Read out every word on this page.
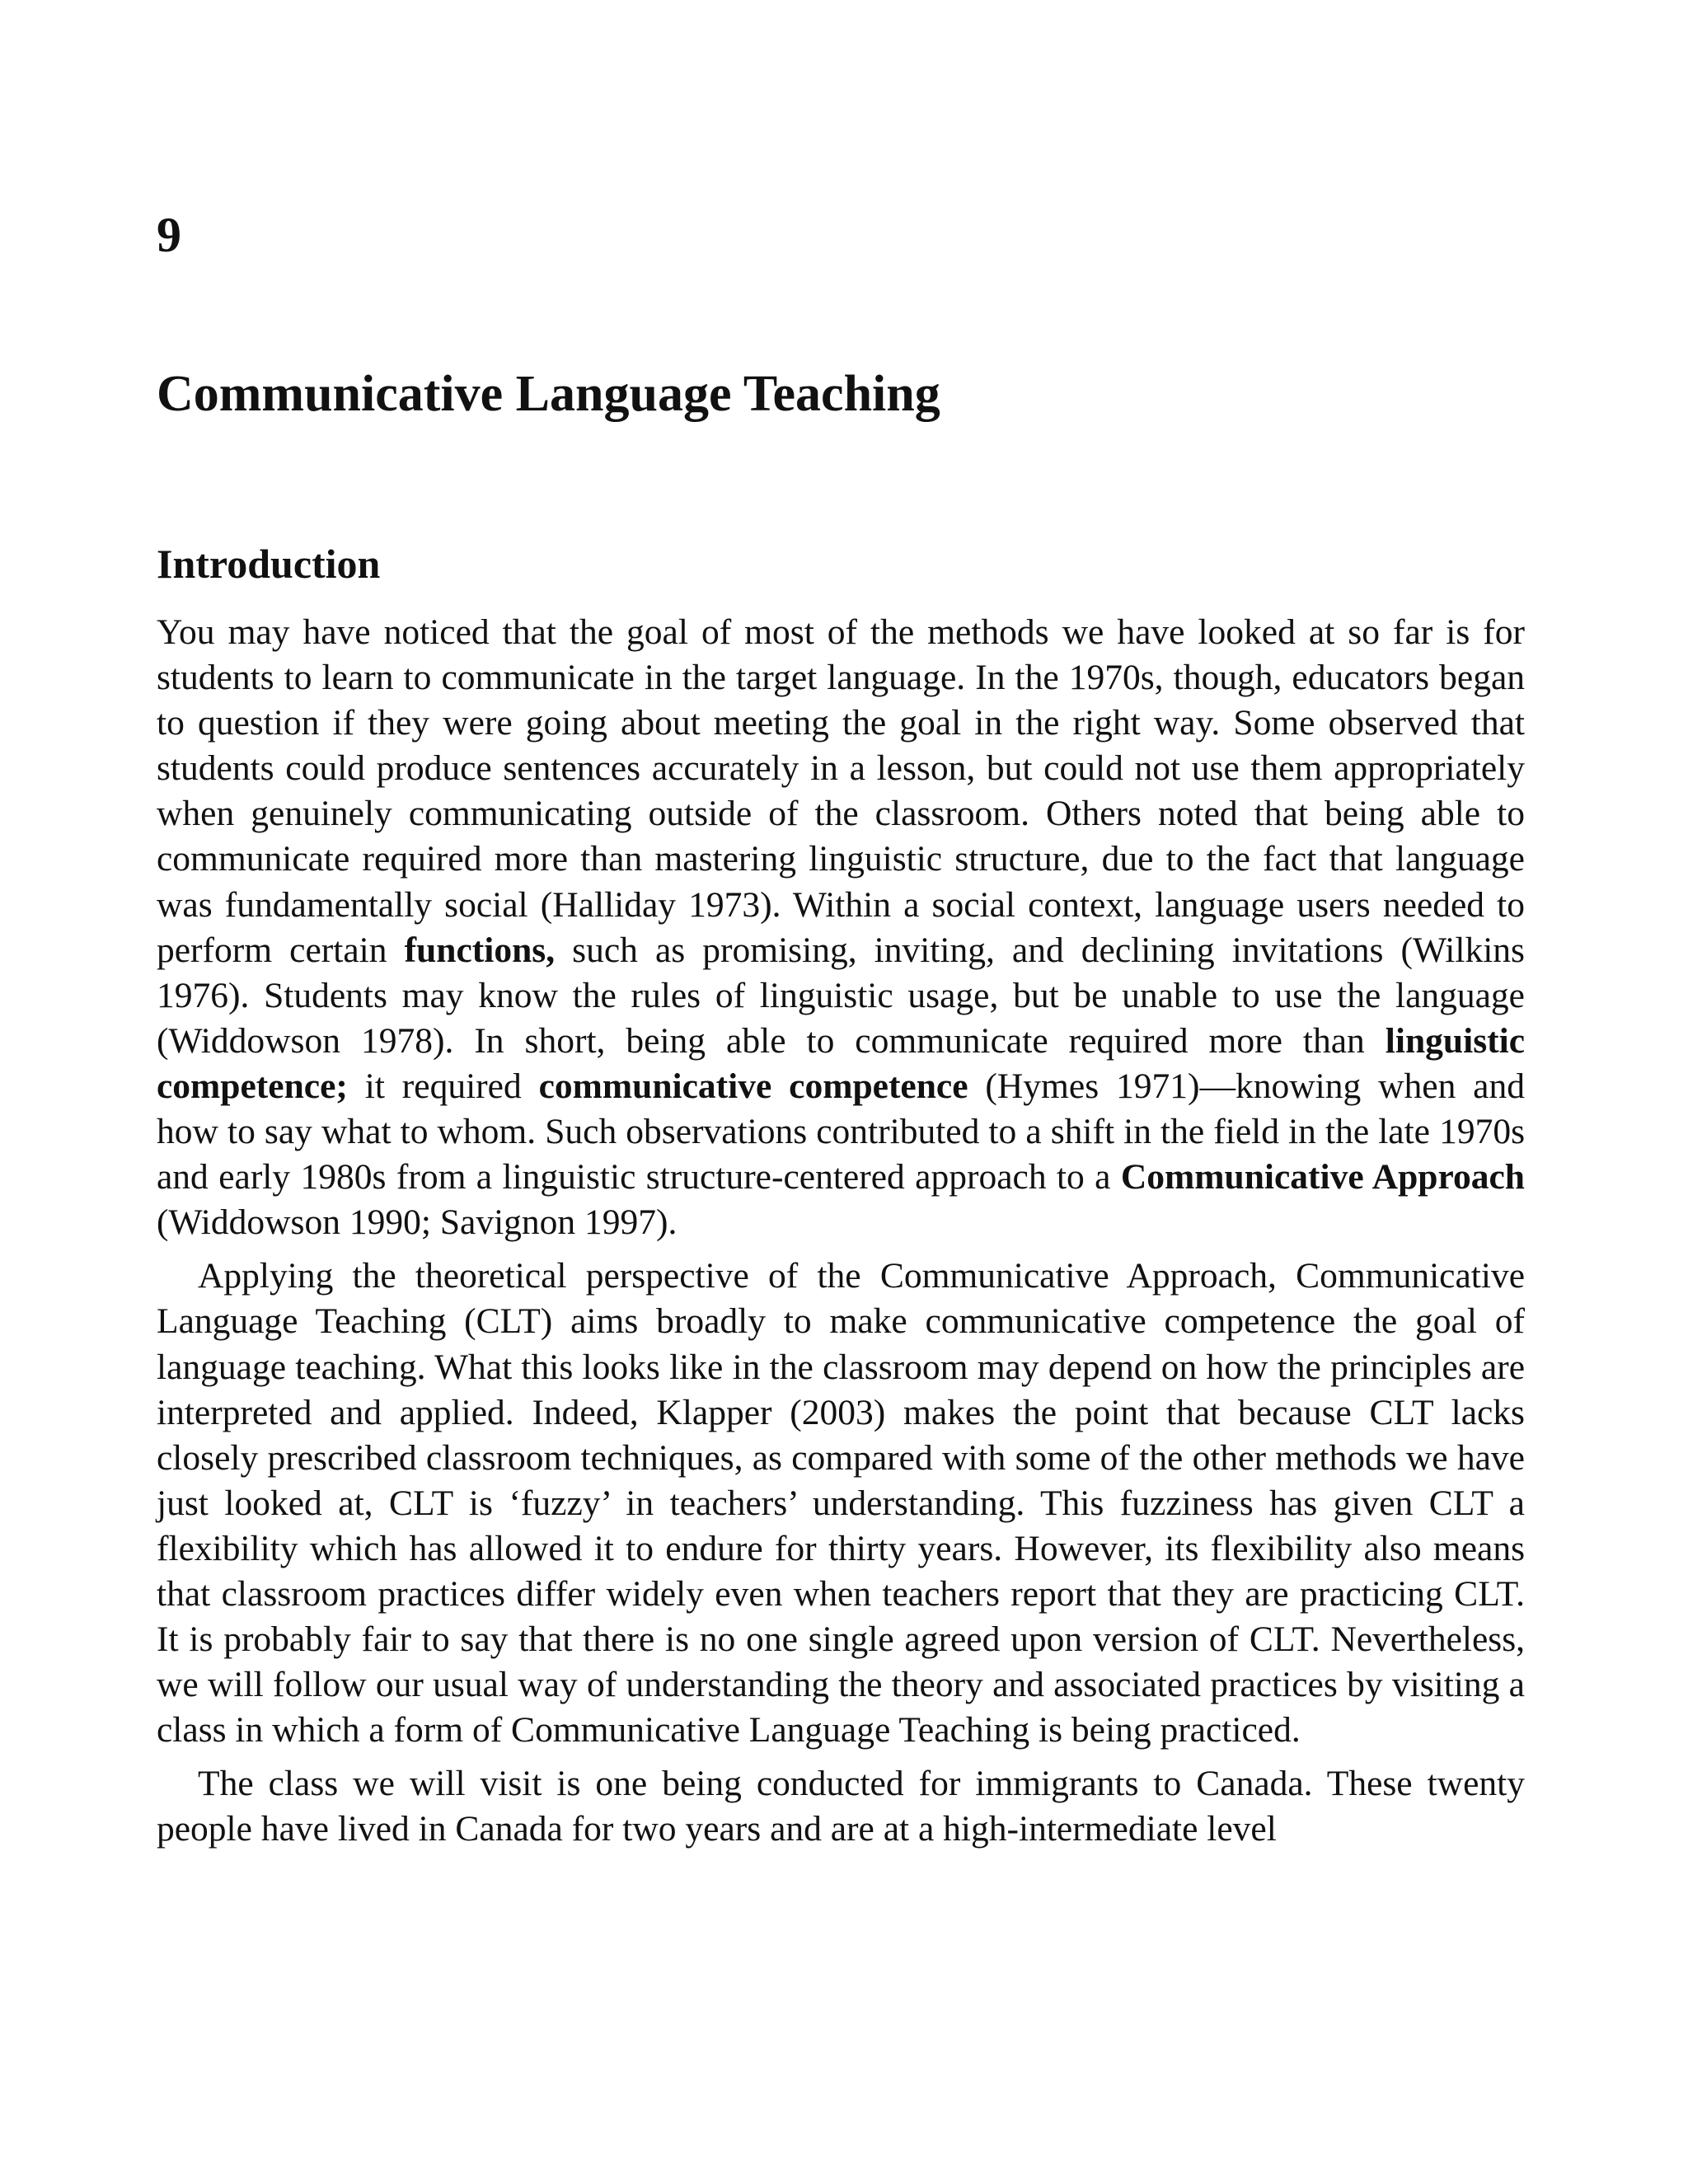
9
Communicative Language Teaching
Introduction

You may have noticed that the goal of most of the methods we have looked at so far is for students to learn to communicate in the target language. In the 1970s, though, educators began to question if they were going about meeting the goal in the right way. Some observed that students could produce sentences accurately in a lesson, but could not use them appropriately when genuinely communicating outside of the classroom. Others noted that being able to communicate required more than mastering linguistic structure, due to the fact that language was fundamentally social (Halliday 1973). Within a social context, language users needed to perform certain functions, such as promising, inviting, and declining invitations (Wilkins 1976). Students may know the rules of linguistic usage, but be unable to use the language (Widdowson 1978). In short, being able to communicate required more than linguistic competence; it required communicative competence (Hymes 1971)—knowing when and how to say what to whom. Such observations contributed to a shift in the field in the late 1970s and early 1980s from a linguistic structure-centered approach to a Communicative Approach (Widdowson 1990; Savignon 1997).

Applying the theoretical perspective of the Communicative Approach, Communicative Language Teaching (CLT) aims broadly to make communicative competence the goal of language teaching. What this looks like in the classroom may depend on how the principles are interpreted and applied. Indeed, Klapper (2003) makes the point that because CLT lacks closely prescribed classroom techniques, as compared with some of the other methods we have just looked at, CLT is ‘fuzzy’ in teachers’ understanding. This fuzziness has given CLT a flexibility which has allowed it to endure for thirty years. However, its flexibility also means that classroom practices differ widely even when teachers report that they are practicing CLT. It is probably fair to say that there is no one single agreed upon version of CLT. Nevertheless, we will follow our usual way of understanding the theory and associated practices by visiting a class in which a form of Communicative Language Teaching is being practiced.

The class we will visit is one being conducted for immigrants to Canada. These twenty people have lived in Canada for two years and are at a high-intermediate level
